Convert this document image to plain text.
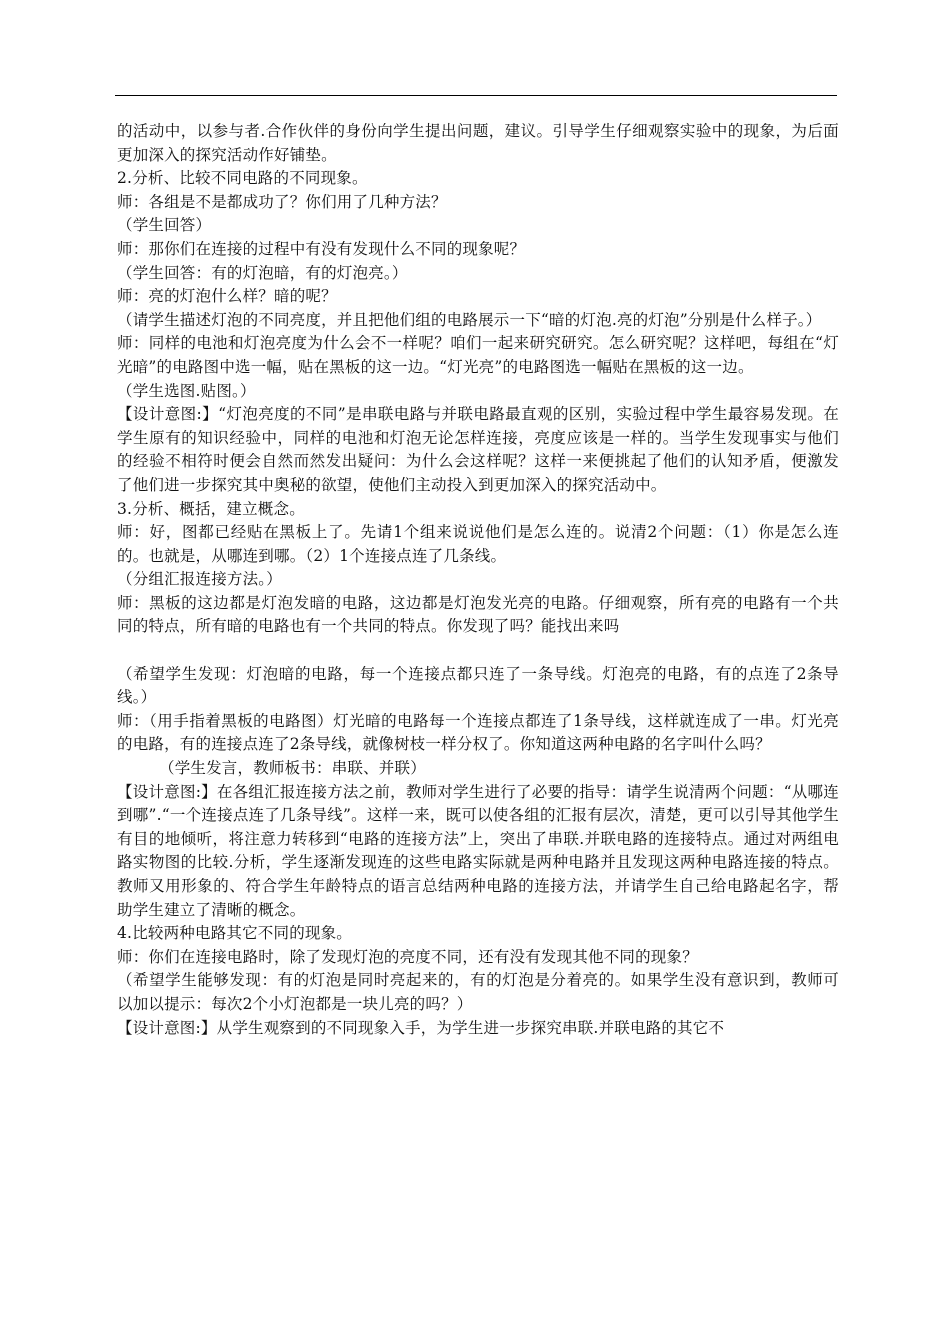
的活动中，以参与者.合作伙伴的身份向学生提出问题，建议。引导学生仔细观察实验中的现象，为后面更加深入的探究活动作好铺垫。

2.分析、比较不同电路的不同现象。

师：各组是不是都成功了？你们用了几种方法？

（学生回答）

师：那你们在连接的过程中有没有发现什么不同的现象呢？

（学生回答：有的灯泡暗，有的灯泡亮。）

师：亮的灯泡什么样？暗的呢？

（请学生描述灯泡的不同亮度，并且把他们组的电路展示一下“暗的灯泡.亮的灯泡”分别是什么样子。）

师：同样的电池和灯泡亮度为什么会不一样呢？咱们一起来研究研究。怎么研究呢？这样吧，每组在“灯光暗”的电路图中选一幅，贴在黑板的这一边。“灯光亮”的电路图选一幅贴在黑板的这一边。

（学生选图.贴图。）

【设计意图:】“灯泡亮度的不同”是串联电路与并联电路最直观的区别，实验过程中学生最容易发现。在学生原有的知识经验中，同样的电池和灯泡无论怎样连接，亮度应该是一样的。当学生发现事实与他们的经验不相符时便会自然而然发出疑问：为什么会这样呢？这样一来便挑起了他们的认知矛盾，便激发了他们进一步探究其中奥秘的欲望，使他们主动投入到更加深入的探究活动中。

3.分析、概括，建立概念。

师：好，图都已经贴在黑板上了。先请1个组来说说他们是怎么连的。说清2个问题：（1）你是怎么连的。也就是，从哪连到哪。（2）1个连接点连了几条线。

（分组汇报连接方法。）

师：黑板的这边都是灯泡发暗的电路，这边都是灯泡发光亮的电路。仔细观察，所有亮的电路有一个共同的特点，所有暗的电路也有一个共同的特点。你发现了吗？能找出来吗

（希望学生发现：灯泡暗的电路，每一个连接点都只连了一条导线。灯泡亮的电路，有的点连了2条导线。）

师：（用手指着黑板的电路图）灯光暗的电路每一个连接点都连了1条导线，这样就连成了一串。灯光亮的电路，有的连接点连了2条导线，就像树枝一样分权了。你知道这两种电路的名字叫什么吗？

（学生发言，教师板书：串联、并联）

【设计意图:】在各组汇报连接方法之前，教师对学生进行了必要的指导：请学生说清两个问题：“从哪连到哪”.“一个连接点连了几条导线”。这样一来，既可以使各组的汇报有层次，清楚，更可以引导其他学生有目的地倾听，将注意力转移到“电路的连接方法”上，突出了串联.并联电路的连接特点。通过对两组电路实物图的比较.分析，学生逐渐发现连的这些电路实际就是两种电路并且发现这两种电路连接的特点。教师又用形象的、符合学生年龄特点的语言总结两种电路的连接方法，并请学生自己给电路起名字，帮助学生建立了清晰的概念。

4.比较两种电路其它不同的现象。

师：你们在连接电路时，除了发现灯泡的亮度不同，还有没有发现其他不同的现象？

（希望学生能够发现：有的灯泡是同时亮起来的，有的灯泡是分着亮的。如果学生没有意识到，教师可以加以提示：每次2个小灯泡都是一块儿亮的吗？）

【设计意图:】从学生观察到的不同现象入手，为学生进一步探究串联.并联电路的其它不
